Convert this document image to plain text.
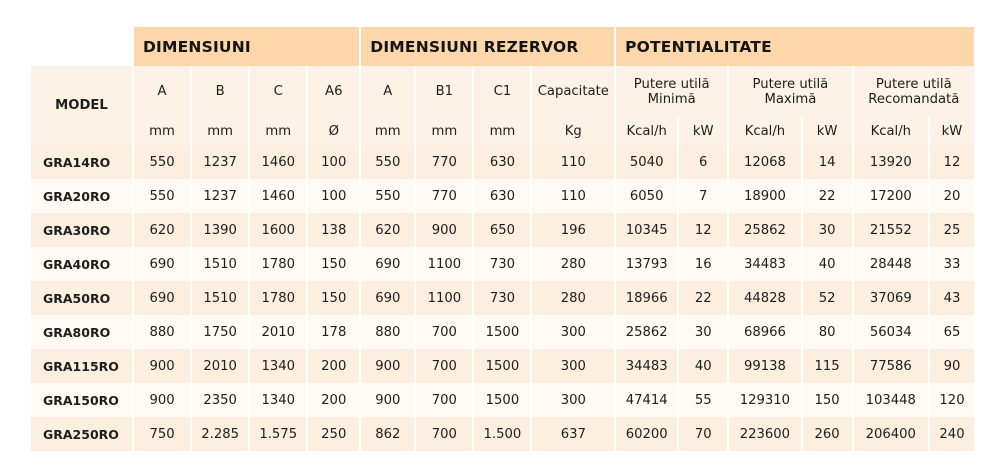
	DIMENSIUNI				DIMENSIUNI REZERVOR				POTENTIALITATE					
MODEL	A	B	C	A6	A	B1	C1	Capacitate	Putere utilă Minimă		Putere utilă Maximă		Putere utilă Recomandată	
	mm	mm	mm	Ø	mm	mm	mm	Kg	Kcal/h	kW	Kcal/h	kW	Kcal/h	kW
GRA14RO	550	1237	1460	100	550	770	630	110	5040	6	12068	14	13920	12
GRA20RO	550	1237	1460	100	550	770	630	110	6050	7	18900	22	17200	20
GRA30RO	620	1390	1600	138	620	900	650	196	10345	12	25862	30	21552	25
GRA40RO	690	1510	1780	150	690	1100	730	280	13793	16	34483	40	28448	33
GRA50RO	690	1510	1780	150	690	1100	730	280	18966	22	44828	52	37069	43
GRA80RO	880	1750	2010	178	880	700	1500	300	25862	30	68966	80	56034	65
GRA115RO	900	2010	1340	200	900	700	1500	300	34483	40	99138	115	77586	90
GRA150RO	900	2350	1340	200	900	700	1500	300	47414	55	129310	150	103448	120
GRA250RO	750	2.285	1.575	250	862	700	1.500	637	60200	70	223600	260	206400	240
